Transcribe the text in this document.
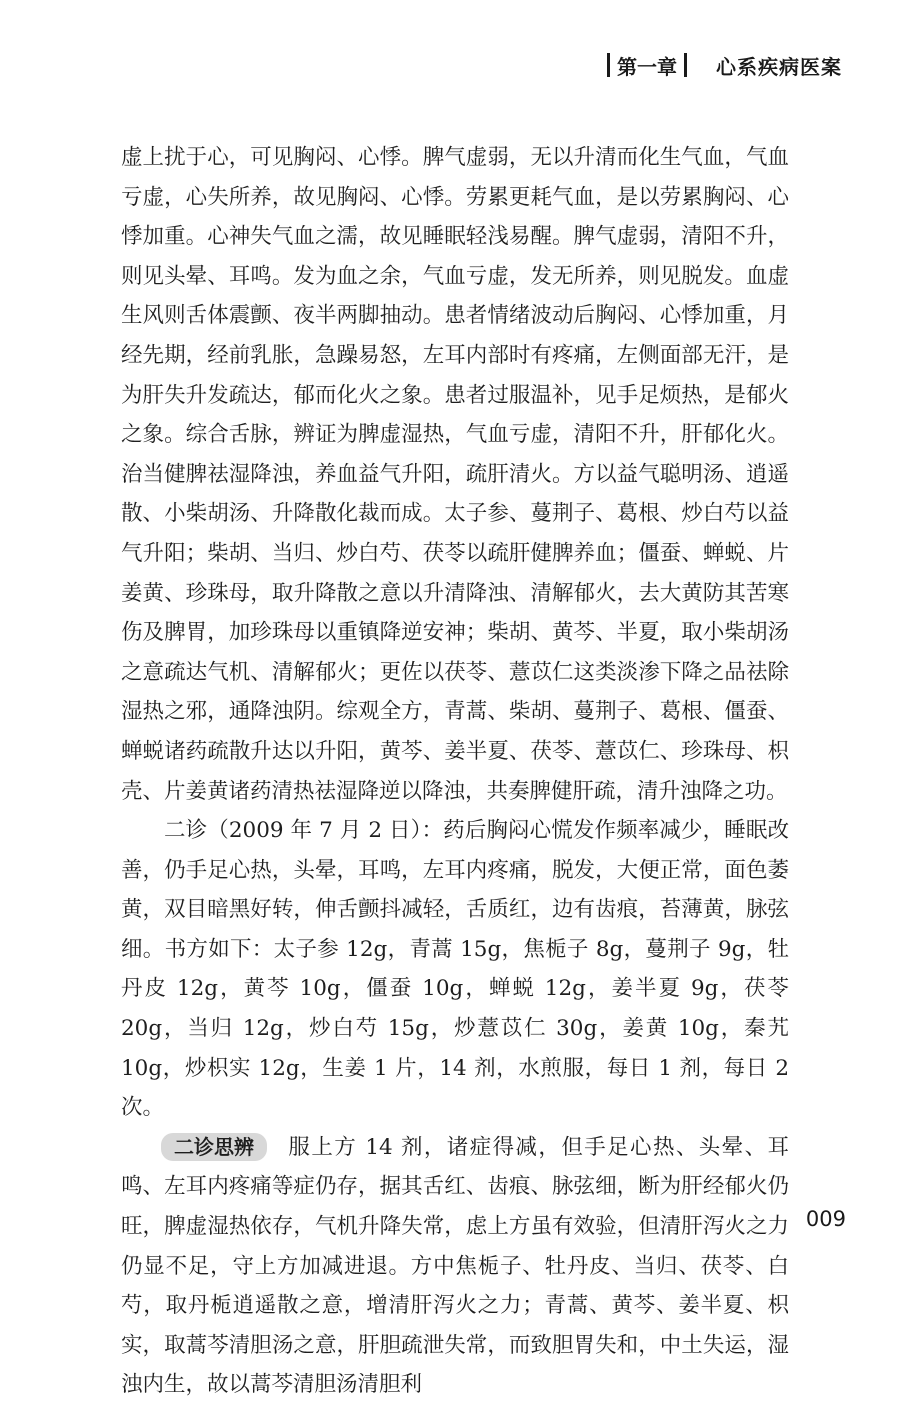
第一章 心系疾病医案

虚上扰于心，可见胸闷、心悸。脾气虚弱，无以升清而化生气血，气血亏虚，心失所养，故见胸闷、心悸。劳累更耗气血，是以劳累胸闷、心悸加重。心神失气血之濡，故见睡眠轻浅易醒。脾气虚弱，清阳不升，则见头晕、耳鸣。发为血之余，气血亏虚，发无所养，则见脱发。血虚生风则舌体震颤、夜半两脚抽动。患者情绪波动后胸闷、心悸加重，月经先期，经前乳胀，急躁易怒，左耳内部时有疼痛，左侧面部无汗，是为肝失升发疏达，郁而化火之象。患者过服温补，见手足烦热，是郁火之象。综合舌脉，辨证为脾虚湿热，气血亏虚，清阳不升，肝郁化火。治当健脾祛湿降浊，养血益气升阳，疏肝清火。方以益气聪明汤、逍遥散、小柴胡汤、升降散化裁而成。太子参、蔓荆子、葛根、炒白芍以益气升阳；柴胡、当归、炒白芍、茯苓以疏肝健脾养血；僵蚕、蝉蜕、片姜黄、珍珠母，取升降散之意以升清降浊、清解郁火，去大黄防其苦寒伤及脾胃，加珍珠母以重镇降逆安神；柴胡、黄芩、半夏，取小柴胡汤之意疏达气机、清解郁火；更佐以茯苓、薏苡仁这类淡渗下降之品祛除湿热之邪，通降浊阴。综观全方，青蒿、柴胡、蔓荆子、葛根、僵蚕、蝉蜕诸药疏散升达以升阳，黄芩、姜半夏、茯苓、薏苡仁、珍珠母、枳壳、片姜黄诸药清热祛湿降逆以降浊，共奏脾健肝疏，清升浊降之功。

二诊（2009 年 7 月 2 日）：药后胸闷心慌发作频率减少，睡眠改善，仍手足心热，头晕，耳鸣，左耳内疼痛，脱发，大便正常，面色萎黄，双目暗黑好转，伸舌颤抖减轻，舌质红，边有齿痕，苔薄黄，脉弦细。书方如下：太子参 12g，青蒿 15g，焦栀子 8g，蔓荆子 9g，牡丹皮 12g，黄芩 10g，僵蚕 10g，蝉蜕 12g，姜半夏 9g，茯苓 20g，当归 12g，炒白芍 15g，炒薏苡仁 30g，姜黄 10g，秦艽 10g，炒枳实 12g，生姜 1 片，14 剂，水煎服，每日 1 剂，每日 2 次。

二诊思辨 服上方 14 剂，诸症得减，但手足心热、头晕、耳鸣、左耳内疼痛等症仍存，据其舌红、齿痕、脉弦细，断为肝经郁火仍旺，脾虚湿热依存，气机升降失常，虑上方虽有效验，但清肝泻火之力仍显不足，守上方加减进退。方中焦栀子、牡丹皮、当归、茯苓、白芍，取丹栀逍遥散之意，增清肝泻火之力；青蒿、黄芩、姜半夏、枳实，取蒿芩清胆汤之意，肝胆疏泄失常，而致胆胃失和，中土失运，湿浊内生，故以蒿芩清胆汤清胆利

009
